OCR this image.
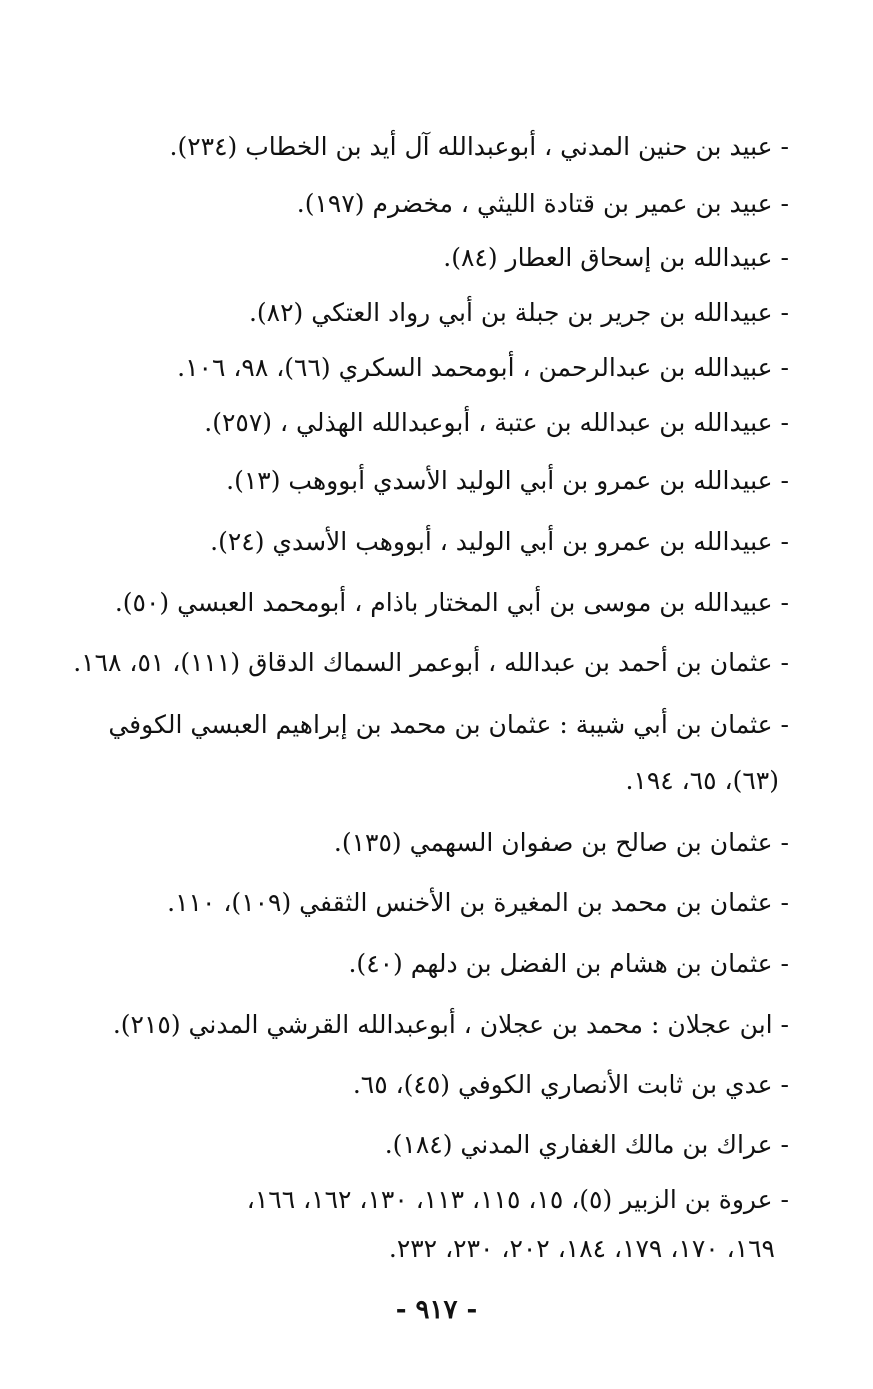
- عبيد بن حنين المدني ، أبوعبدالله آل أيد بن الخطاب (٢٣٤).
- عبيد بن عمير بن قتادة الليثي ، مخضرم (١٩٧).
- عبيدالله بن إسحاق العطار (٨٤).
- عبيدالله بن جرير بن جبلة بن أبي رواد العتكي (٨٢).
- عبيدالله بن عبدالرحمن ، أبومحمد السكري (٦٦)، ٩٨، ١٠٦.
- عبيدالله بن عبدالله بن عتبة ، أبوعبدالله الهذلي ، (٢٥٧).
- عبيدالله بن عمرو بن أبي الوليد الأسدي أبووهب (١٣).
- عبيدالله بن عمرو بن أبي الوليد ، أبووهب الأسدي (٢٤).
- عبيدالله بن موسى بن أبي المختار باذام ، أبومحمد العبسي (٥٠).
- عثمان بن أحمد بن عبدالله ، أبوعمر السماك الدقاق (١١١)، ٥١، ١٦٨.
- عثمان بن أبي شيبة : عثمان بن محمد بن إبراهيم العبسي الكوفي
(٦٣)، ٦٥، ١٩٤.
- عثمان بن صالح بن صفوان السهمي (١٣٥).
- عثمان بن محمد بن المغيرة بن الأخنس الثقفي (١٠٩)، ١١٠.
- عثمان بن هشام بن الفضل بن دلهم (٤٠).
- ابن عجلان : محمد بن عجلان ، أبوعبدالله القرشي المدني (٢١٥).
- عدي بن ثابت الأنصاري الكوفي (٤٥)، ٦٥.
- عراك بن مالك الغفاري المدني (١٨٤).
- عروة بن الزبير (٥)، ١٥، ١١٥، ١١٣، ١٣٠، ١٦٢، ١٦٦،
١٦٩، ١٧٠، ١٧٩، ١٨٤، ٢٠٢، ٢٣٠، ٢٣٢.
- ٩١٧ -
